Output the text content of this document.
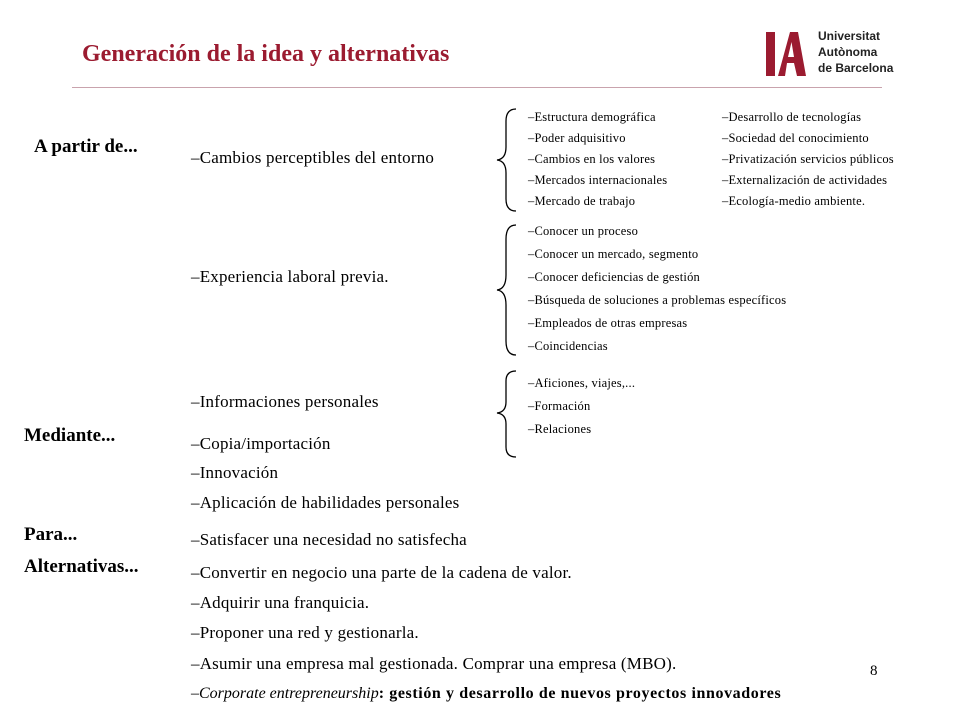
Generación de la idea y alternativas
Universitat
Autònoma
de Barcelona
A partir de...
Mediante...
Para...
Alternativas...
–Cambios perceptibles del entorno
–Experiencia laboral previa.
–Informaciones personales
–Estructura demográfica
–Poder adquisitivo
–Cambios en los valores
–Mercados internacionales
–Mercado de trabajo
–Desarrollo de tecnologías
–Sociedad del conocimiento
–Privatización servicios públicos
–Externalización de actividades
–Ecología-medio ambiente.
–Conocer un proceso
–Conocer un mercado, segmento
–Conocer deficiencias de gestión
–Búsqueda de soluciones a problemas específicos
–Empleados de otras empresas
–Coincidencias
–Aficiones, viajes,...
–Formación
–Relaciones
–Copia/importación
–Innovación
–Aplicación de habilidades personales
–Satisfacer una necesidad no satisfecha
–Convertir en negocio una parte de la cadena de valor.
–Adquirir una franquicia.
–Proponer una red y gestionarla.
–Asumir una empresa mal gestionada. Comprar una empresa (MBO).
–Corporate entrepreneurship: gestión y desarrollo de nuevos proyectos innovadores
8
